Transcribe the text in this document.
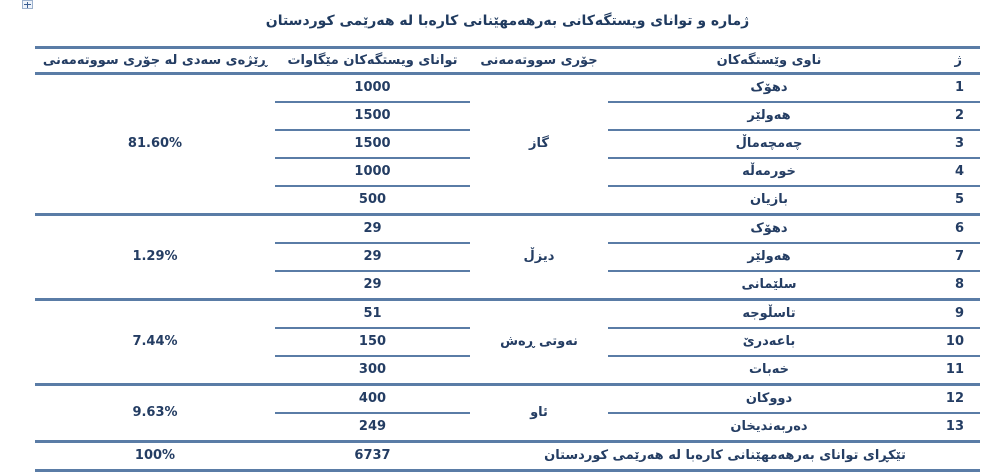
ژمارە و توانای ویستگەکانی بەرهەمهێنانی کارەبا لە هەرێمی کوردستان
ژ	ناوی وێستگەکان	جۆری سووتەمەنی	توانای ویستگەکان مێگاوات	ڕێژەی سەدی لە جۆری سووتەمەنی
1	دهۆک	گاز	1000	81.60%
2	هەولێر		1500	
3	چەمچەماڵ		1500	
4	خورمەڵە		1000	
5	بازیان		500	
6	دهۆک	دیزڵ	29	1.29%
7	هەولێر		29	
8	سلێمانی		29	
9	تاسڵوجە	نەوتی ڕەش	51	7.44%
10	باعەدرێ		150	
11	خەبات		300	
12	دووکان	ئاو	400	9.63%
13	دەربەندیخان		249	
تێکڕای توانای بەرهەمهێنانی کارەبا لە هەرێمی کوردستان			6737	100%
